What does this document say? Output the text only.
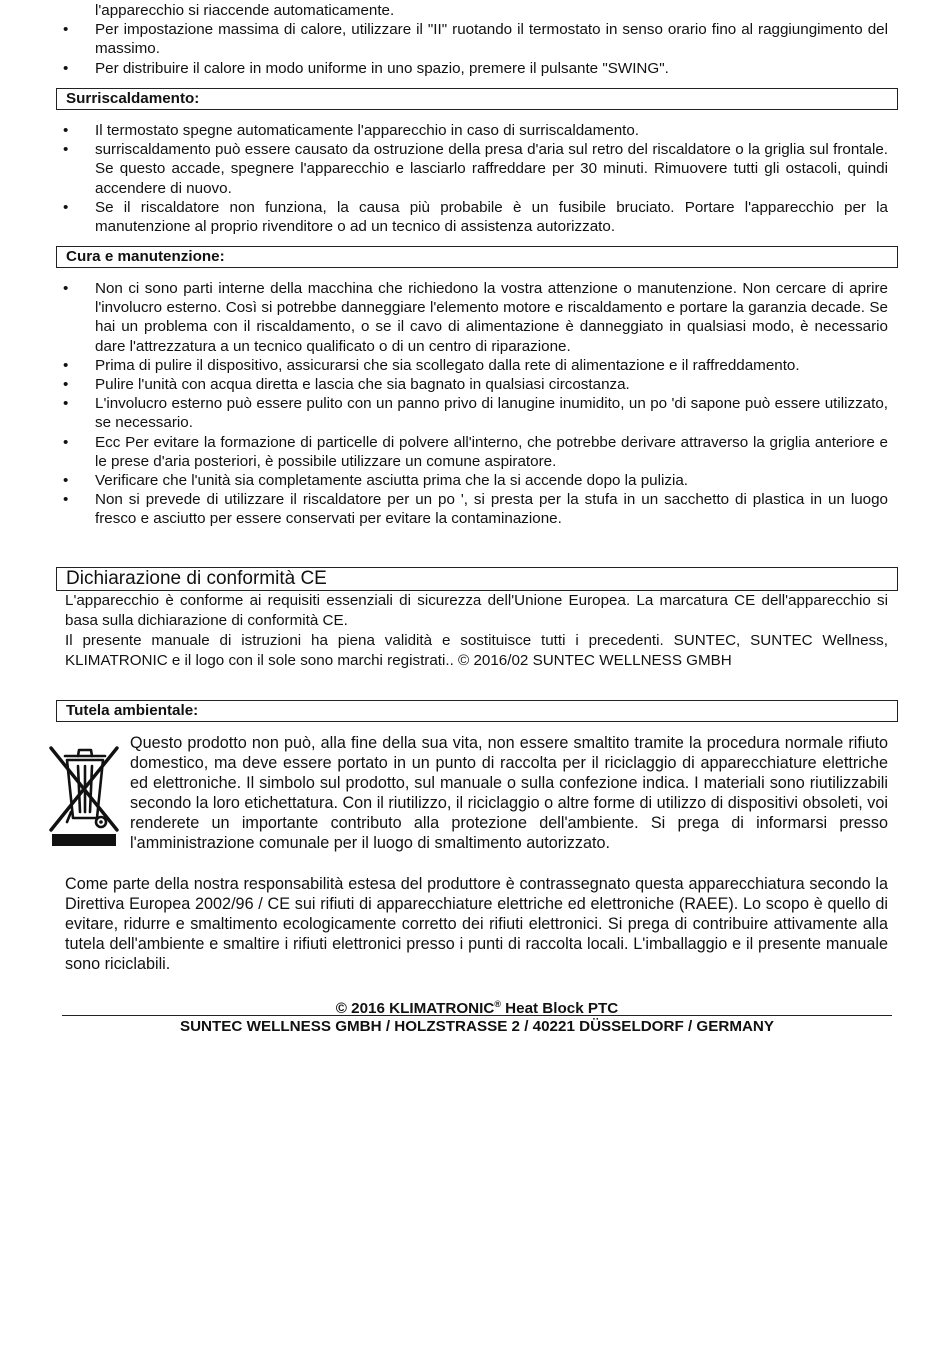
l'apparecchio si riaccende automaticamente.
• Per impostazione massima di calore, utilizzare il "II" ruotando il termostato in senso orario fino al raggiungimento del massimo.
• Per distribuire il calore in modo uniforme in uno spazio, premere il pulsante "SWING".
Surriscaldamento:
• Il termostato spegne automaticamente l'apparecchio in caso di surriscaldamento.
• surriscaldamento può essere causato da ostruzione della presa d'aria sul retro del riscaldatore o la griglia sul frontale. Se questo accade, spegnere l'apparecchio e lasciarlo raffreddare per 30 minuti. Rimuovere tutti gli ostacoli, quindi accendere di nuovo.
• Se il riscaldatore non funziona, la causa più probabile è un fusibile bruciato. Portare l'apparecchio per la manutenzione al proprio rivenditore o ad un tecnico di assistenza autorizzato.
Cura e manutenzione:
• Non ci sono parti interne della macchina che richiedono la vostra attenzione o manutenzione. Non cercare di aprire l'involucro esterno. Così si potrebbe danneggiare l'elemento motore e riscaldamento e portare la garanzia decade. Se hai un problema con il riscaldamento, o se il cavo di alimentazione è danneggiato in qualsiasi modo, è necessario dare l'attrezzatura a un tecnico qualificato o di un centro di riparazione.
• Prima di pulire il dispositivo, assicurarsi che sia scollegato dalla rete di alimentazione e il raffreddamento.
• Pulire l'unità con acqua diretta e lascia che sia bagnato in qualsiasi circostanza.
• L'involucro esterno può essere pulito con un panno privo di lanugine inumidito, un po 'di sapone può essere utilizzato, se necessario.
• Ecc Per evitare la formazione di particelle di polvere all'interno, che potrebbe derivare attraverso la griglia anteriore e le prese d'aria posteriori, è possibile utilizzare un comune aspiratore.
• Verificare che l'unità sia completamente asciutta prima che la si accende dopo la pulizia.
• Non si prevede di utilizzare il riscaldatore per un po ', si presta per la stufa in un sacchetto di plastica in un luogo fresco e asciutto per essere conservati per evitare la contaminazione.
Dichiarazione di conformità CE

L'apparecchio è conforme ai requisiti essenziali di sicurezza dell'Unione Europea. La marcatura CE dell'apparecchio si basa sulla dichiarazione di conformità CE.

Il presente manuale di istruzioni ha piena validità e sostituisce tutti i precedenti. SUNTEC, SUNTEC Wellness, KLIMATRONIC e il logo con il sole sono marchi registrati.. © 2016/02 SUNTEC WELLNESS GMBH

Tutela ambientale:

Questo prodotto non può, alla fine della sua vita, non essere smaltito tramite la procedura normale rifiuto domestico, ma deve essere portato in un punto di raccolta per il riciclaggio di apparecchiature elettriche ed elettroniche. Il simbolo sul prodotto, sul manuale o sulla confezione indica. I materiali sono riutilizzabili secondo la loro etichettatura. Con il riutilizzo, il riciclaggio o altre forme di utilizzo di dispositivi obsoleti, voi renderete un importante contributo alla protezione dell'ambiente. Si prega di informarsi presso l'amministrazione comunale per il luogo di smaltimento autorizzato.

Come parte della nostra responsabilità estesa del produttore è contrassegnato questa apparecchiatura secondo la Direttiva Europea 2002/96 / CE sui rifiuti di apparecchiature elettriche ed elettroniche (RAEE). Lo scopo è quello di evitare, ridurre e smaltimento ecologicamente corretto dei rifiuti elettronici. Si prega di contribuire attivamente alla tutela dell'ambiente e smaltire i rifiuti elettronici presso i punti di raccolta locali. L'imballaggio e il presente manuale sono riciclabili.

© 2016 KLIMATRONIC® Heat Block PTC
SUNTEC WELLNESS GMBH / HOLZSTRASSE 2 / 40221 DÜSSELDORF / GERMANY
